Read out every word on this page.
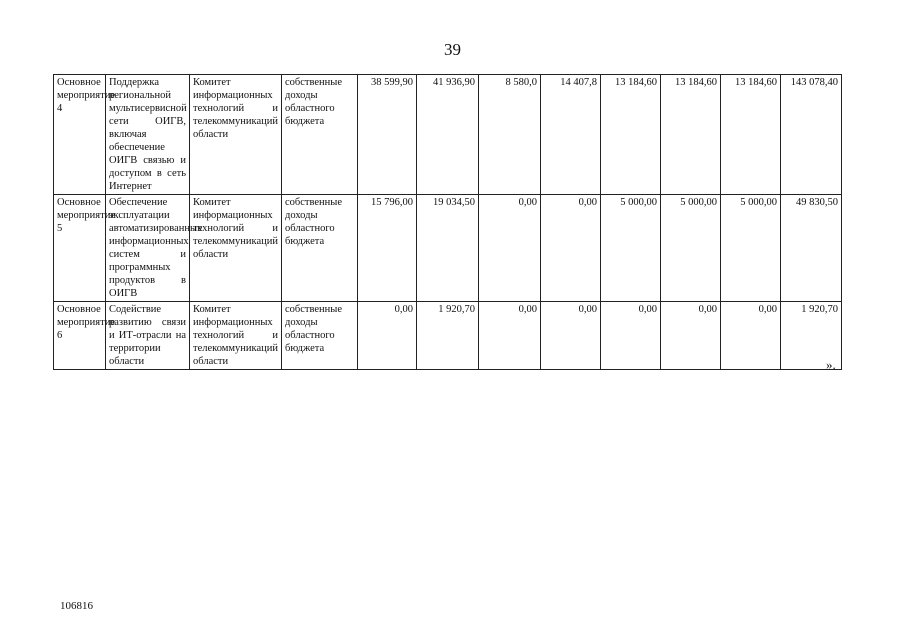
39
Основное мероприятие 4	Поддержка региональной мультисервисной сети ОИГВ, включая обеспечение ОИГВ связью и доступом в сеть Интернет	Комитет информационных технологий и телекоммуникаций области	собственные доходы областного бюджета	38 599,90	41 936,90	8 580,0	14 407,8	13 184,60	13 184,60	13 184,60	143 078,40
Основное мероприятие 5	Обеспечение эксплуатации автоматизированных информационных систем и программных продуктов в ОИГВ	Комитет информационных технологий и телекоммуникаций области	собственные доходы областного бюджета	15 796,00	19 034,50	0,00	0,00	5 000,00	5 000,00	5 000,00	49 830,50
Основное мероприятие 6	Содействие развитию связи и ИТ-отрасли на территории области	Комитет информационных технологий и телекоммуникаций области	собственные доходы областного бюджета	0,00	1 920,70	0,00	0,00	0,00	0,00	0,00	1 920,70
».
106816
